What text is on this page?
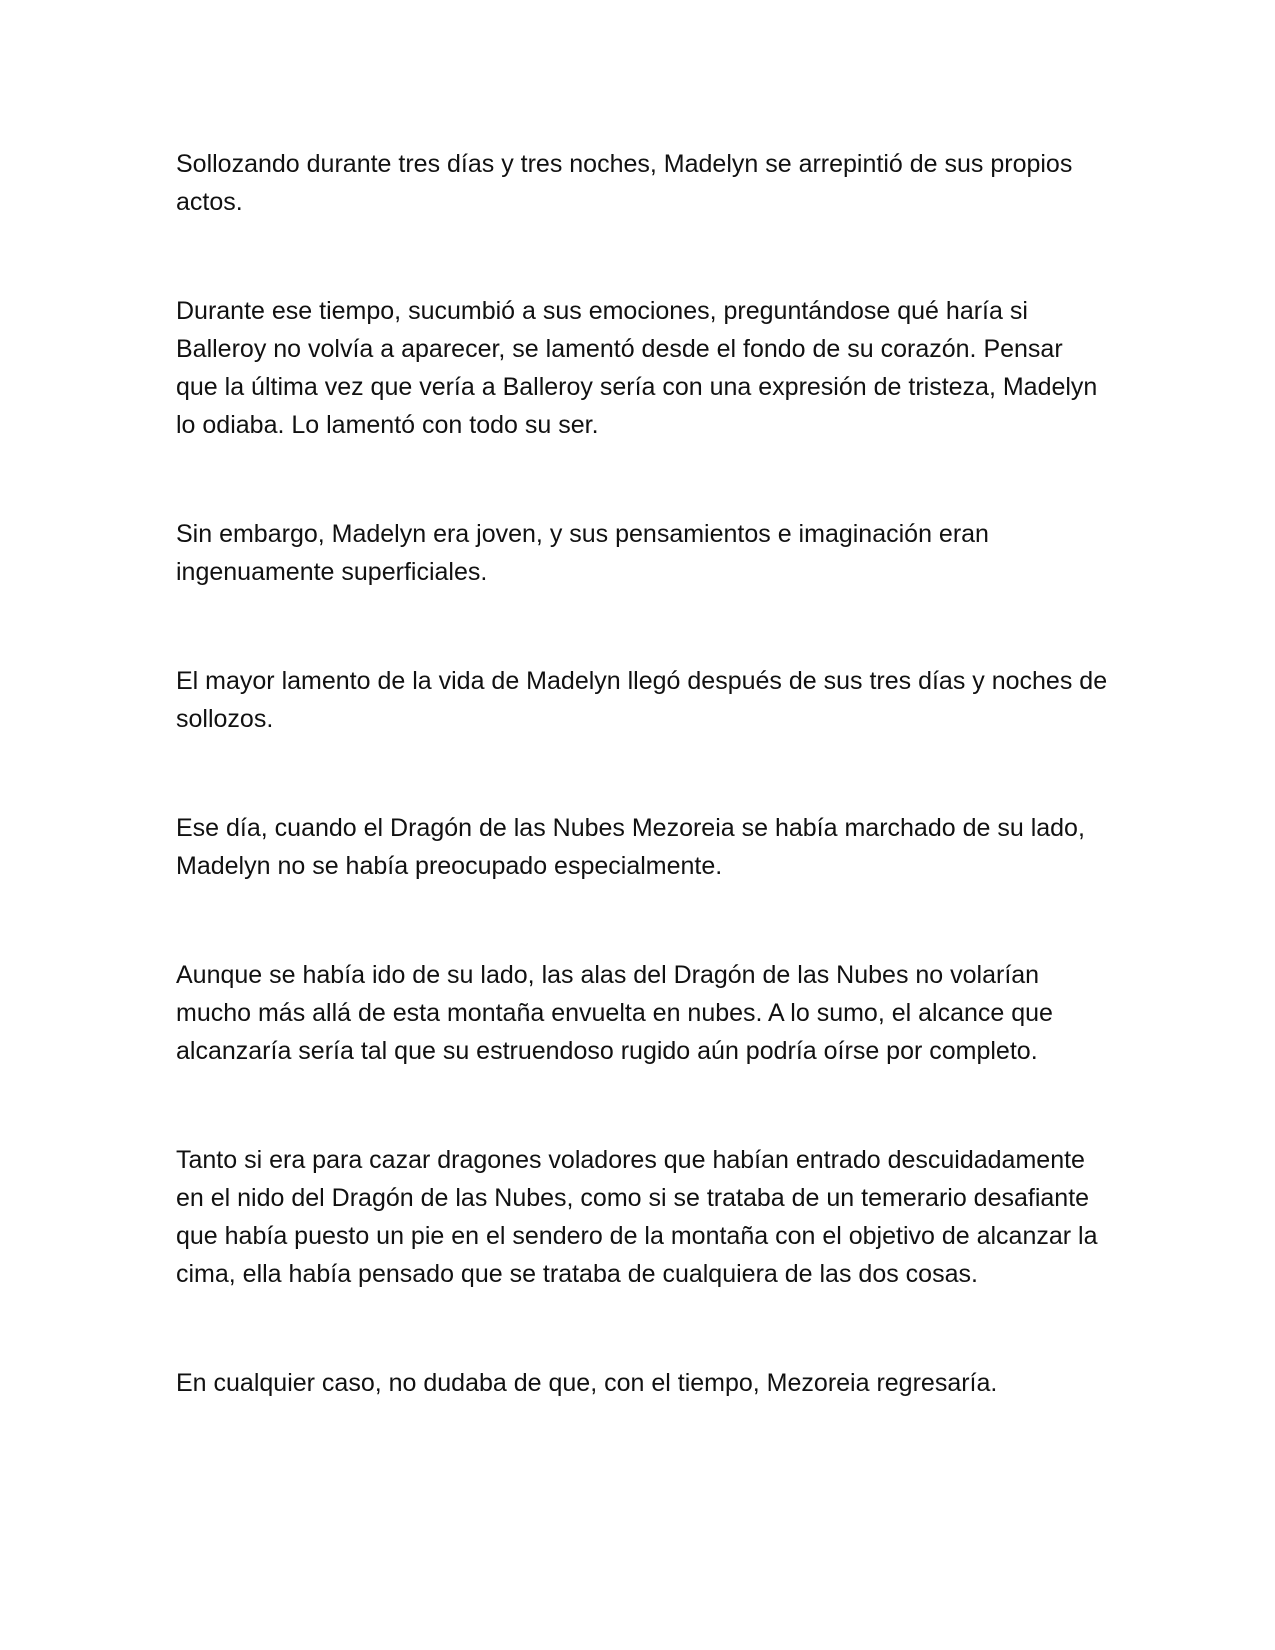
Sollozando durante tres días y tres noches, Madelyn se arrepintió de sus propios actos.

Durante ese tiempo, sucumbió a sus emociones, preguntándose qué haría si Balleroy no volvía a aparecer, se lamentó desde el fondo de su corazón. Pensar que la última vez que vería a Balleroy sería con una expresión de tristeza, Madelyn lo odiaba. Lo lamentó con todo su ser.

Sin embargo, Madelyn era joven, y sus pensamientos e imaginación eran ingenuamente superficiales.

El mayor lamento de la vida de Madelyn llegó después de sus tres días y noches de sollozos.

Ese día, cuando el Dragón de las Nubes Mezoreia se había marchado de su lado, Madelyn no se había preocupado especialmente.

Aunque se había ido de su lado, las alas del Dragón de las Nubes no volarían mucho más allá de esta montaña envuelta en nubes. A lo sumo, el alcance que alcanzaría sería tal que su estruendoso rugido aún podría oírse por completo.

Tanto si era para cazar dragones voladores que habían entrado descuidadamente en el nido del Dragón de las Nubes, como si se trataba de un temerario desafiante que había puesto un pie en el sendero de la montaña con el objetivo de alcanzar la cima, ella había pensado que se trataba de cualquiera de las dos cosas.

En cualquier caso, no dudaba de que, con el tiempo, Mezoreia regresaría.
